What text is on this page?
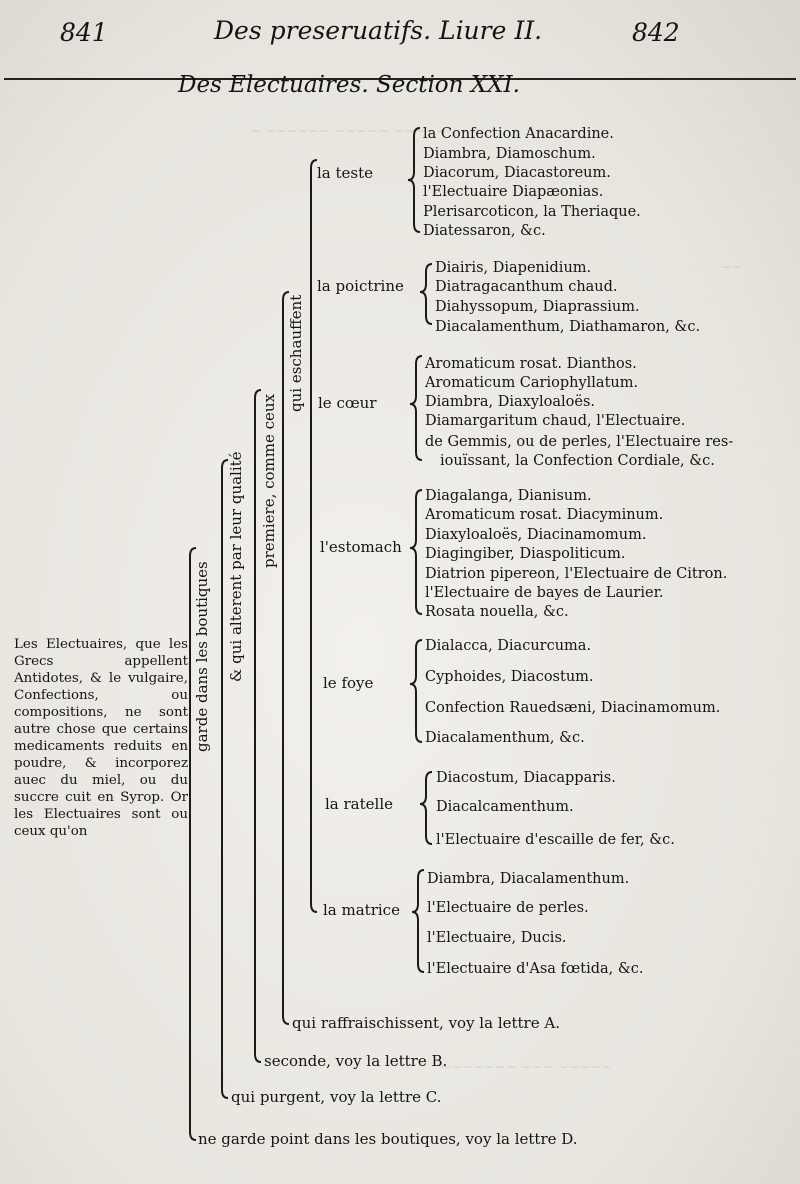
~ ~~~~~~ ~~~~~ ~~~~~
~~
~~~~~~~ ~~~ ~~~~~
841	Des preseruatifs. Liure II.	842
Des Electuaires. Section XXI.
Les Electuaires, que les Grecs appellent Antidotes, & le vulgaire, Confections, ou compositions, ne sont autre chose que certains medicaments reduits en poudre, & incorporez auec du miel, ou du succre cuit en Syrop. Or les Electuaires sont ou ceux qu'on
garde dans les boutiques & qui alterent par leur qualité premiere, comme ceux
qui eschauffent
la teste
la poictrine
le cœur
l'estomach
le foye
la ratelle
la matrice
la Confection Anacardine.
Diambra, Diamoschum.
Diacorum, Diacastoreum.
l'Electuaire Diapæonias.
Plerisarcoticon, la Theriaque.
Diatessaron, &c.
Diairis, Diapenidium.
Diatragacanthum chaud.
Diahyssopum, Diaprassium.
Diacalamenthum, Diathamaron, &c.
Aromaticum rosat. Dianthos.
Aromaticum Cariophyllatum.
Diambra, Diaxyloaloës.
Diamargaritum chaud, l'Electuaire.
de Gemmis, ou de perles, l'Electuaire res-
iouïssant, la Confection Cordiale, &c.
Diagalanga, Dianisum.
Aromaticum rosat. Diacyminum.
Diaxyloaloës, Diacinamomum.
Diagingiber, Diaspoliticum.
Diatrion pipereon, l'Electuaire de Citron.
l'Electuaire de bayes de Laurier.
Rosata nouella, &c.
Dialacca, Diacurcuma.
Cyphoides, Diacostum.
Confection Rauedsæni, Diacinamomum.
Diacalamenthum, &c.
Diacostum, Diacapparis.
Diacalcamenthum.
l'Electuaire d'escaille de fer, &c.
Diambra, Diacalamenthum.
l'Electuaire de perles.
l'Electuaire, Ducis.
l'Electuaire d'Asa fœtida, &c.
qui raffraischissent, voy la lettre A.
seconde, voy la lettre B.
qui purgent, voy la lettre C.
ne garde point dans les boutiques, voy la lettre D.
